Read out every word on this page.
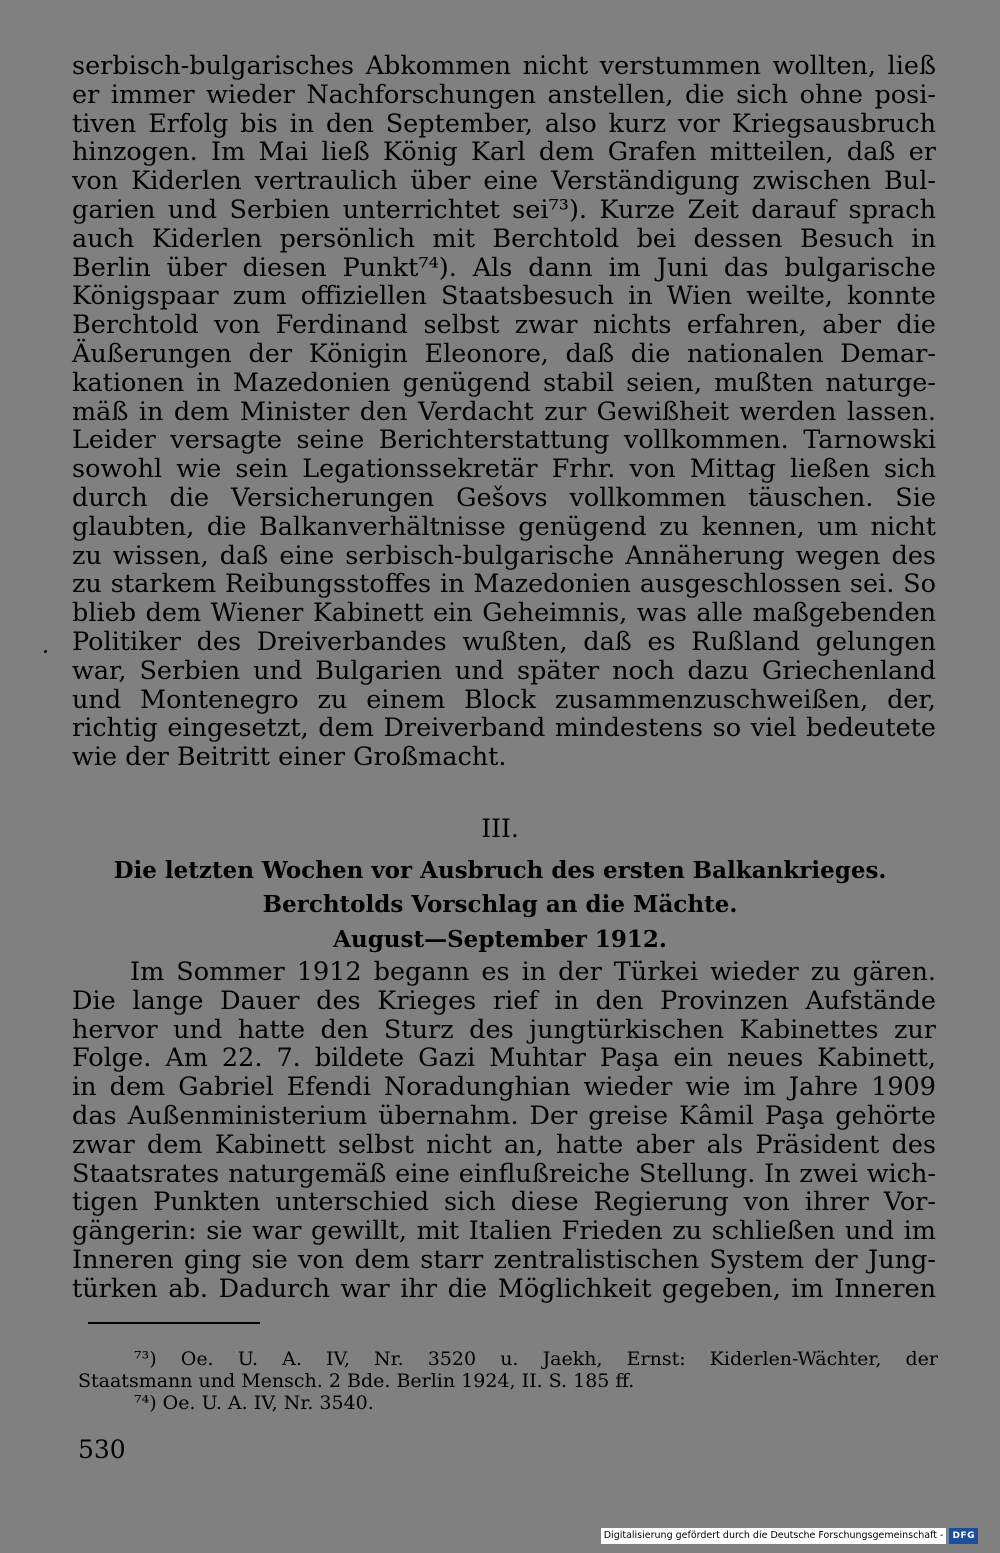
serbisch-bulgarisches Abkommen nicht verstummen wollten, ließ
er immer wieder Nachforschungen anstellen, die sich ohne posi-
tiven Erfolg bis in den September, also kurz vor Kriegsausbruch
hinzogen. Im Mai ließ König Karl dem Grafen mitteilen, daß er
von Kiderlen vertraulich über eine Verständigung zwischen Bul-
garien und Serbien unterrichtet sei⁷³). Kurze Zeit darauf sprach
auch Kiderlen persönlich mit Berchtold bei dessen Besuch in
Berlin über diesen Punkt⁷⁴). Als dann im Juni das bulgarische
Königspaar zum offiziellen Staatsbesuch in Wien weilte, konnte
Berchtold von Ferdinand selbst zwar nichts erfahren, aber die
Äußerungen der Königin Eleonore, daß die nationalen Demar-
kationen in Mazedonien genügend stabil seien, mußten naturge-
mäß in dem Minister den Verdacht zur Gewißheit werden lassen.
Leider versagte seine Berichterstattung vollkommen. Tarnowski
sowohl wie sein Legationssekretär Frhr. von Mittag ließen sich
durch die Versicherungen Gešovs vollkommen täuschen. Sie
glaubten, die Balkanverhältnisse genügend zu kennen, um nicht
zu wissen, daß eine serbisch-bulgarische Annäherung wegen des
zu starkem Reibungsstoffes in Mazedonien ausgeschlossen sei. So
blieb dem Wiener Kabinett ein Geheimnis, was alle maßgebenden
Politiker des Dreiverbandes wußten, daß es Rußland gelungen
war, Serbien und Bulgarien und später noch dazu Griechenland
und Montenegro zu einem Block zusammenzuschweißen, der,
richtig eingesetzt, dem Dreiverband mindestens so viel bedeutete
wie der Beitritt einer Großmacht.
III.
Die letzten Wochen vor Ausbruch des ersten Balkankrieges.
Berchtolds Vorschlag an die Mächte.
August—September 1912.
Im Sommer 1912 begann es in der Türkei wieder zu gären.
Die lange Dauer des Krieges rief in den Provinzen Aufstände
hervor und hatte den Sturz des jungtürkischen Kabinettes zur
Folge. Am 22. 7. bildete Gazi Muhtar Paşa ein neues Kabinett,
in dem Gabriel Efendi Noradunghian wieder wie im Jahre 1909
das Außenministerium übernahm. Der greise Kâmil Paşa gehörte
zwar dem Kabinett selbst nicht an, hatte aber als Präsident des
Staatsrates naturgemäß eine einflußreiche Stellung. In zwei wich-
tigen Punkten unterschied sich diese Regierung von ihrer Vor-
gängerin: sie war gewillt, mit Italien Frieden zu schließen und im
Inneren ging sie von dem starr zentralistischen System der Jung-
türken ab. Dadurch war ihr die Möglichkeit gegeben, im Inneren
⁷³) Oe. U. A. IV, Nr. 3520 u. Jaekh, Ernst: Kiderlen-Wächter, der
Staatsmann und Mensch. 2 Bde. Berlin 1924, II. S. 185 ff.
⁷⁴) Oe. U. A. IV, Nr. 3540.
530
Digitalisierung gefördert durch die Deutsche Forschungsgemeinschaft -	DFG
